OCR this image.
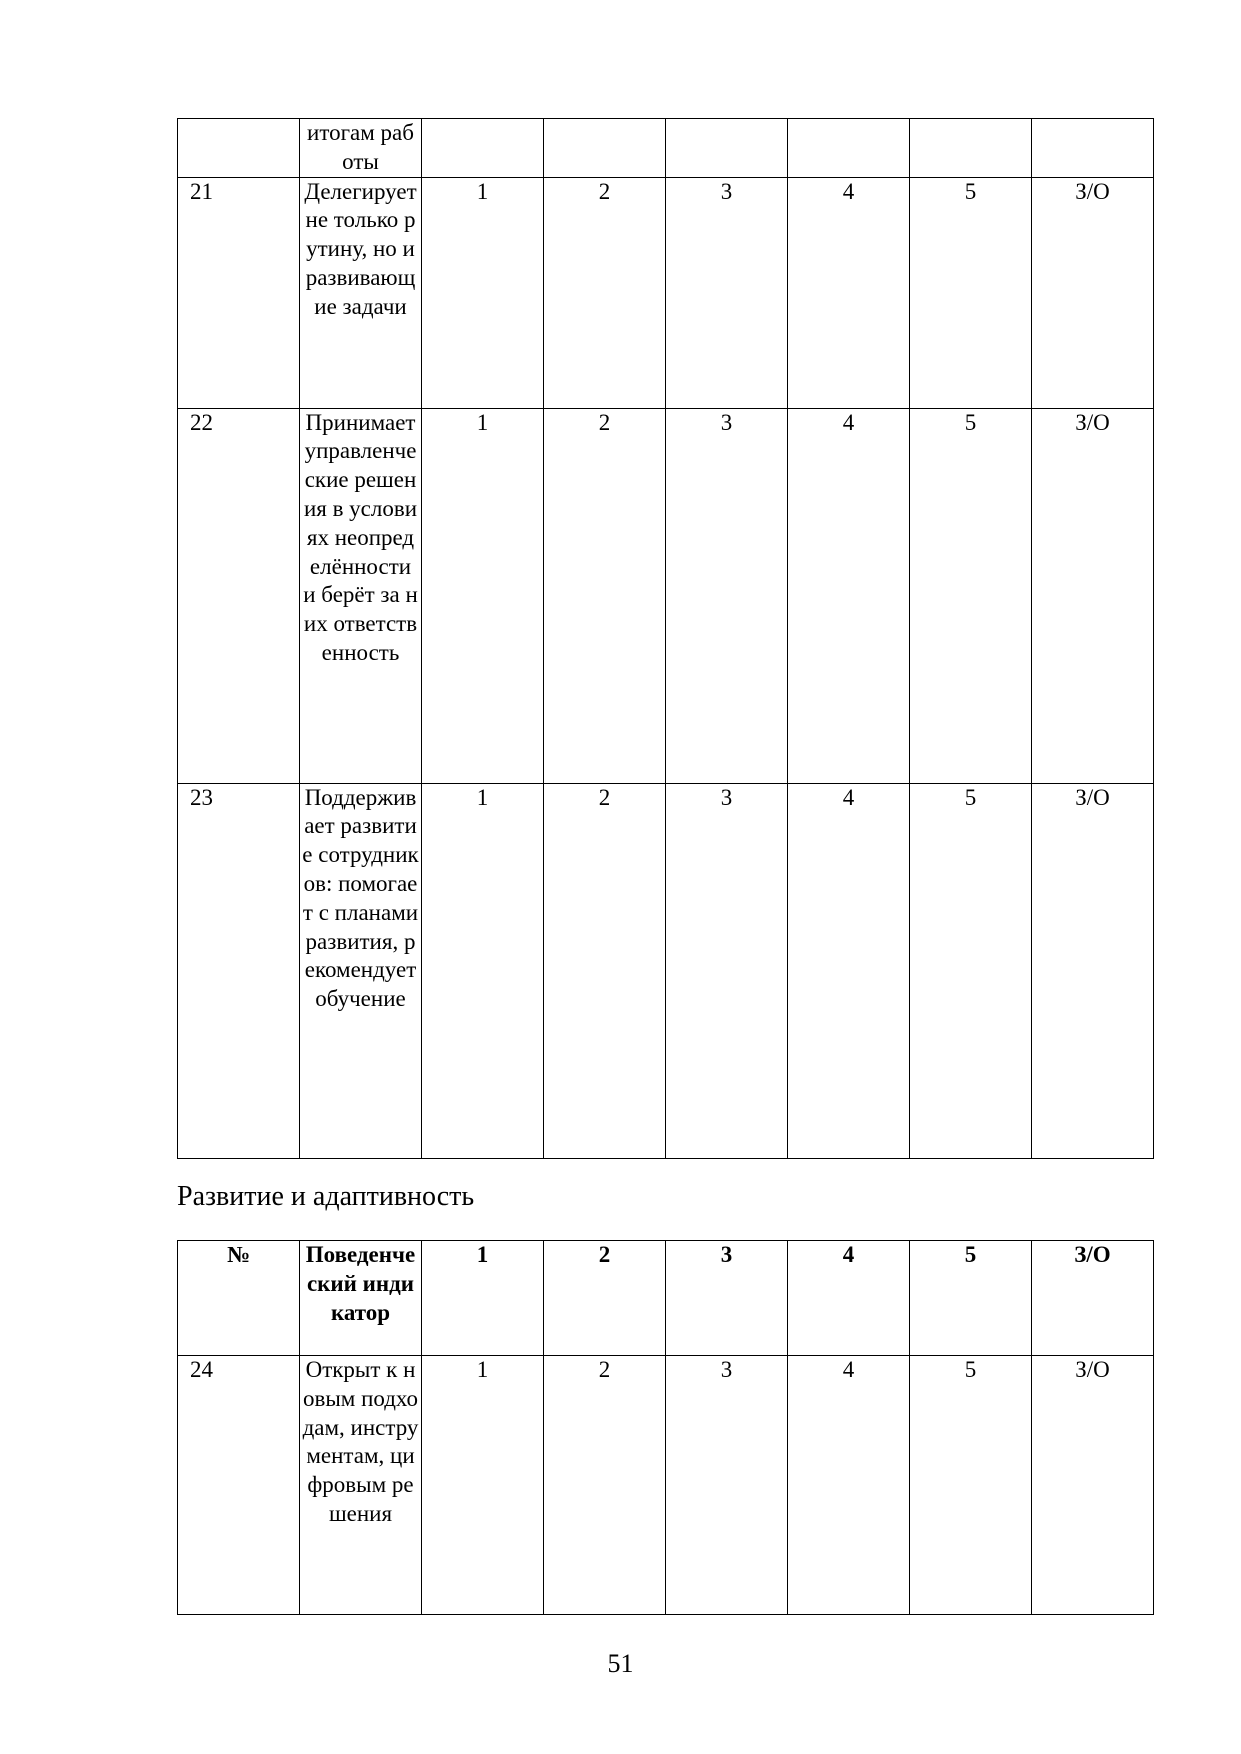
	итогам работы						
21	Делегирует не только рутину, но и развивающие задачи	1	2	3	4	5	З/О
22	Принимает управленческие решения в условиях неопределённости и берёт за них ответственность	1	2	3	4	5	З/О
23	Поддерживает развитие сотрудников: помогает с планами развития, рекомендует обучение	1	2	3	4	5	З/О
Развитие и адаптивность
№	Поведенческий индикатор	1	2	3	4	5	З/О
24	Открыт к новым подходам, инструментам, цифровым решения	1	2	3	4	5	З/О
51
